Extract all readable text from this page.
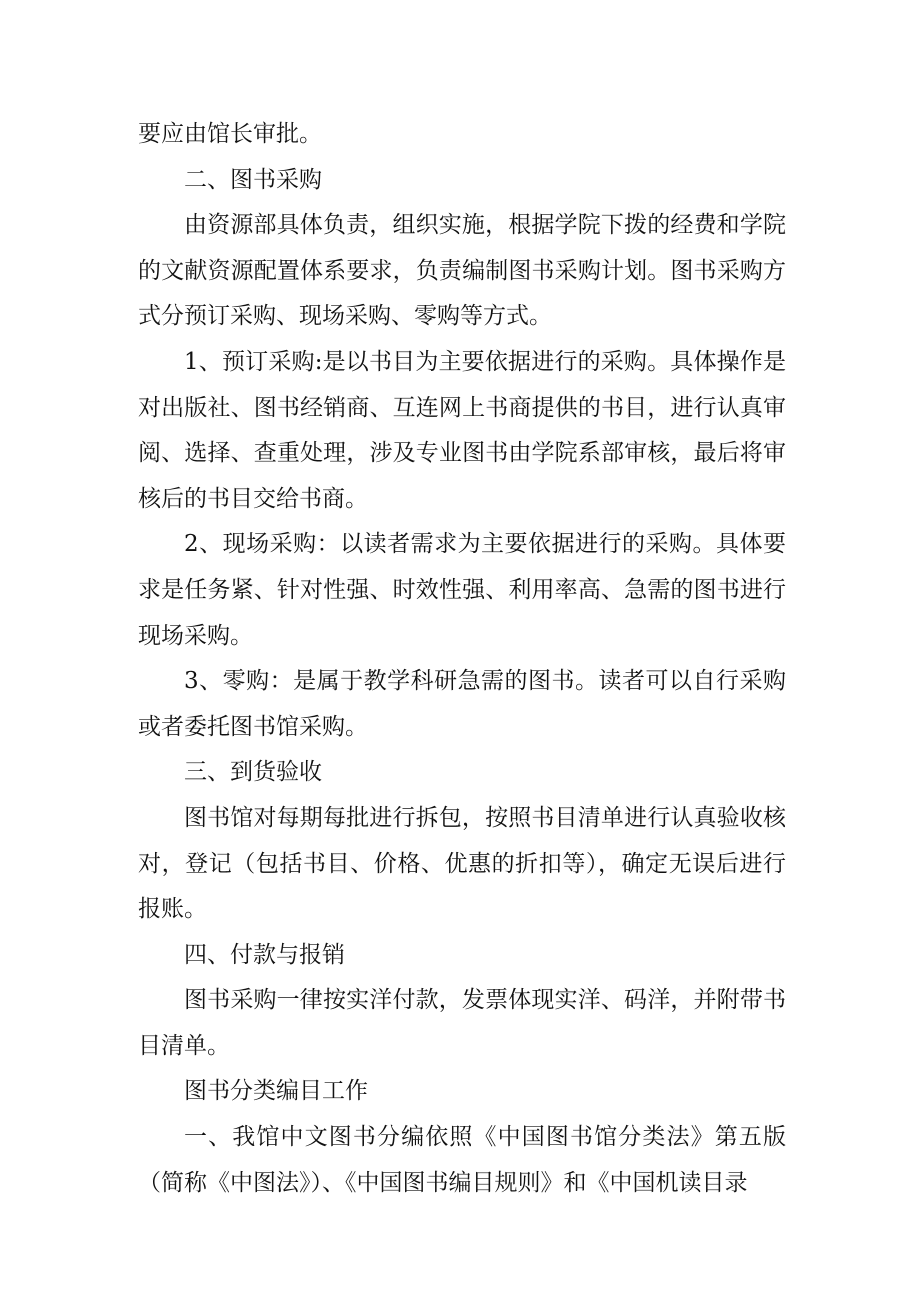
要应由馆长审批。

二、图书采购

由资源部具体负责，组织实施，根据学院下拨的经费和学院的文献资源配置体系要求，负责编制图书采购计划。图书采购方式分预订采购、现场采购、零购等方式。

1、预订采购:是以书目为主要依据进行的采购。具体操作是对出版社、图书经销商、互连网上书商提供的书目，进行认真审阅、选择、查重处理，涉及专业图书由学院系部审核，最后将审核后的书目交给书商。

2、现场采购：以读者需求为主要依据进行的采购。具体要求是任务紧、针对性强、时效性强、利用率高、急需的图书进行现场采购。

3、零购：是属于教学科研急需的图书。读者可以自行采购或者委托图书馆采购。

三、到货验收

图书馆对每期每批进行拆包，按照书目清单进行认真验收核对，登记（包括书目、价格、优惠的折扣等），确定无误后进行报账。

四、付款与报销

图书采购一律按实洋付款，发票体现实洋、码洋，并附带书目清单。

图书分类编目工作

一、我馆中文图书分编依照《中国图书馆分类法》第五版（简称《中图法》）、《中国图书编目规则》和《中国机读目录
